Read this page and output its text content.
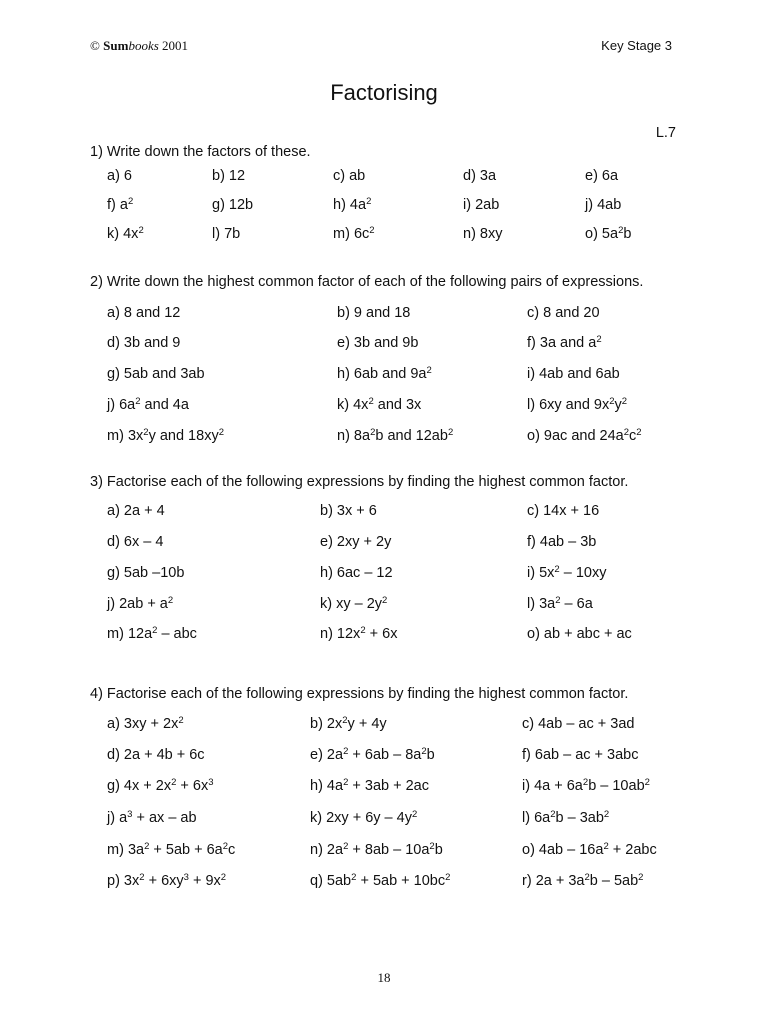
© Sumbooks 2001	Key Stage 3
Factorising
L.7
1) Write down the factors of these.
2) Write down the highest common factor of each of the following pairs of expressions.
3) Factorise each of the following expressions by finding the highest common factor.
4) Factorise each of the following expressions by finding the highest common factor.
a) 6	b) 12	c) ab	d) 3a	e) 6a
f) $a^2$	g) 12b	h) $4a^2$	i) 2ab	j) 4ab
k) $4x^2$	l) 7b	m) $6c^2$	n) 8xy	o) $5a^2b$
a) 8 and 12	b) 9 and 18	c) 8 and 20
d) 3b and 9	e) 3b and 9b	f) 3a and $a^2$
g) 5ab and 3ab	h) 6ab and $9a^2$	i) 4ab and 6ab
j) $6a^2$ and 4a	k) $4x^2$ and 3x	l) 6xy and $9x^2y^2$
m) $3x^2y$ and $18xy^2$	n) $8a^2b$ and $12ab^2$	o) 9ac and $24a^2c^2$
a) 2a + 4	b) 3x + 6	c) 14x + 16
d) 6x – 4	e) 2xy + 2y	f) 4ab – 3b
g) 5ab –10b	h) 6ac – 12	i) $5x^2 - 10xy$
j) $2ab + a^2$	k) xy – $2y^2$	l) $3a^2 - 6a$
m) $12a^2$ – abc	n) $12x^2 + 6x$	o) ab + abc + ac
a) $3xy + 2x^2$	b) $2x^2y + 4y$	c) 4ab – ac + 3ad
d) 2a + 4b + 6c	e) $2a^2 + 6ab - 8a^2b$	f) 6ab – ac + 3abc
g) $4x + 2x^2 + 6x^3$	h) $4a^2 + 3ab + 2ac$	i) $4a + 6a^2b - 10ab^2$
j) $a^3$ + ax – ab	k) $2xy + 6y - 4y^2$	l) $6a^2b - 3ab^2$
m) $3a^2 + 5ab + 6a^2c$	n) $2a^2 + 8ab - 10a^2b$	o) $4ab - 16a^2 + 2abc$
p) $3x^2 + 6xy^3 + 9x^2$	q) $5ab^2 + 5ab + 10bc^2$	r) $2a + 3a^2b - 5ab^2$
18
